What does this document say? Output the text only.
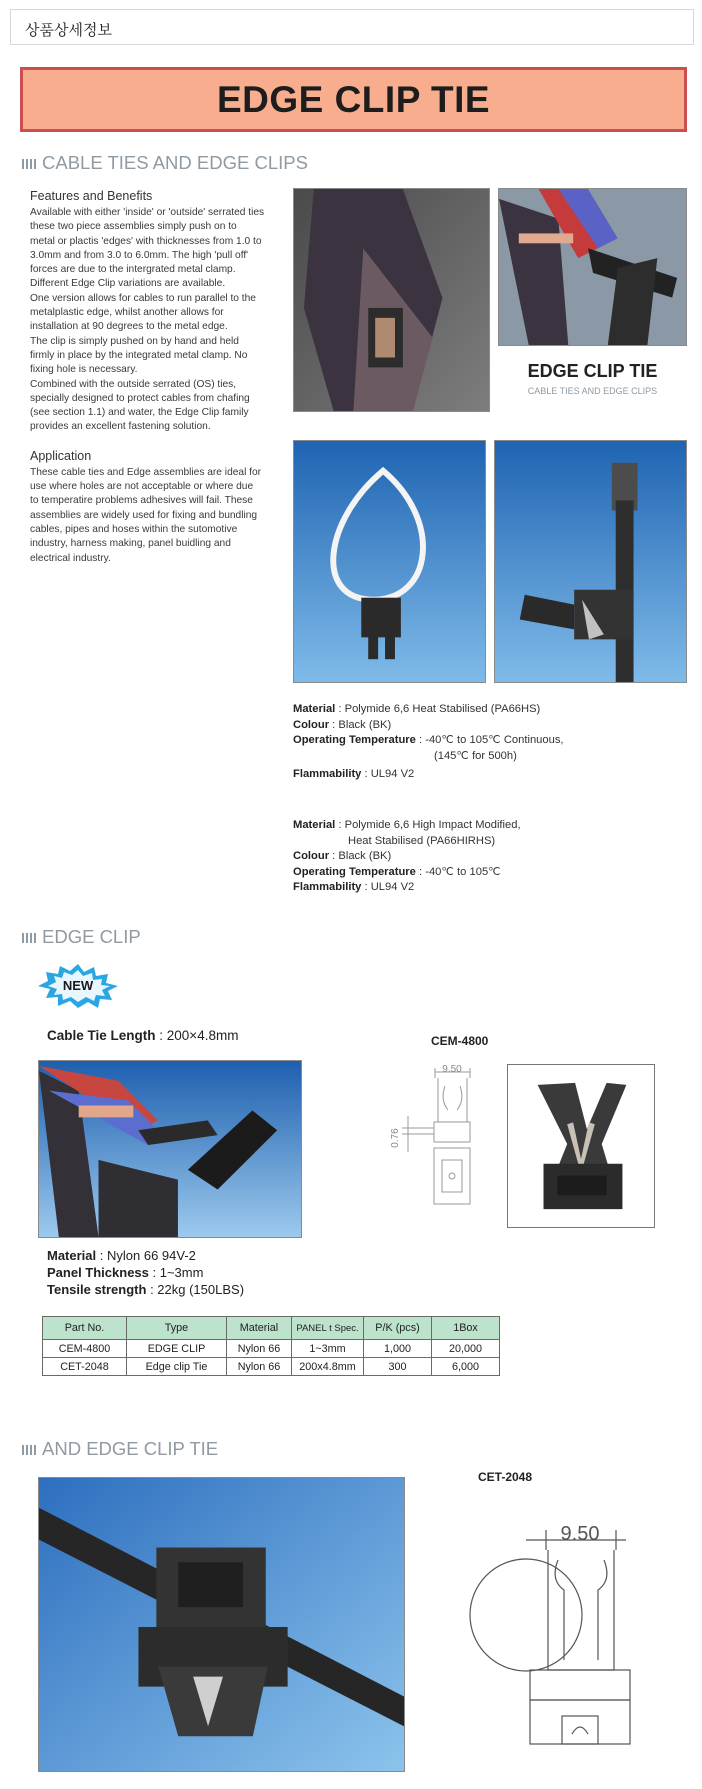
상품상세정보
EDGE CLIP TIE
CABLE TIES AND EDGE CLIPS
Features and Benefits
Available with either 'inside' or 'outside' serrated ties
these two piece assemblies simply push on to
metal or plactis 'edges' with thicknesses from 1.0 to
3.0mm and from 3.0 to 6.0mm. The high 'pull off'
forces are due to the intergrated metal clamp.
Different Edge Clip variations are available.
One version allows for cables to run parallel to the
metalplastic edge, whilst another allows for
installation at 90 degrees to the metal edge.
The clip is simply pushed on by hand and held
firmly in place by the integrated metal clamp. No
fixing hole is necessary.
Combined with the outside serrated (OS) ties,
specially designed to protect cables from chafing
(see section 1.1) and water, the Edge Clip family
provides an excellent fastening solution.
Application
These cable ties and Edge assemblies are ideal for
use where holes are not acceptable or where due
to temperatire problems adhesives will fail. These
assemblies are widely used for fixing and bundling
cables, pipes and hoses within the sutomotive
industry, harness making, panel buidling and
electrical industry.
EDGE CLIP TIE
CABLE TIES AND EDGE CLIPS
Material : Polymide 6,6 Heat Stabilised (PA66HS)
Colour : Black (BK)
Operating Temperature : -40℃ to 105℃ Continuous,
(145℃ for 500h)
Flammability : UL94 V2
Material : Polymide 6,6 High Impact Modified,
Heat Stabilised (PA66HIRHS)
Colour : Black (BK)
Operating Temperature : -40℃ to 105℃
Flammability : UL94 V2
EDGE CLIP
NEW
Cable Tie Length : 200×4.8mm	CEM-4800
9.50
0.76
Material : Nylon 66 94V-2
Panel Thickness : 1~3mm
Tensile strength : 22kg (150LBS)
Part No.	Type	Material	PANEL t Spec.	P/K (pcs)	1Box
CEM-4800	EDGE CLIP	Nylon 66	1~3mm	1,000	20,000
CET-2048	Edge clip Tie	Nylon 66	200x4.8mm	300	6,000
AND EDGE CLIP TIE
CET-2048
9.50
